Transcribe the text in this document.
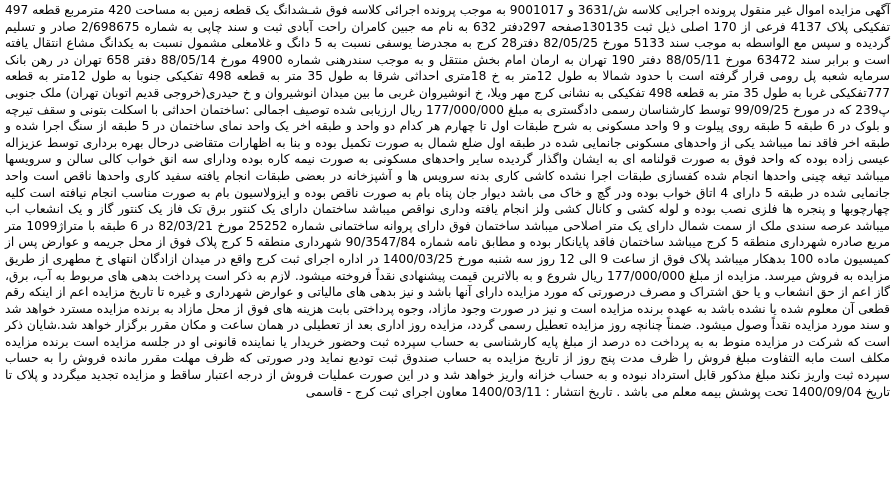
آگهی مزایده اموال غیر منقول پرونده اجرایی کلاسه ش/3631 و 9001017 به موجب پرونده اجرائی کلاسه فوق شـشدانگ یک قطعه زمین به مساحت 420 مترمربع قطعه 497 تفکیکی پلاک 4137 فرعی از 170 اصلی ذیل ثبت 130135صفحه 297دفتر 632 به نام مه جبین کامران راحت آبادی ثبت و سند چاپی به شماره 2/698675 صادر و تسلیم گردیده و سپس مع الواسطه به موجب سند 5133 مورخ 82/05/25 دفتر28 کرج به مجدرضا یوسفی نسبت به 5 دانگ و غلامعلی مشمول نسبت به یکدانگ مشاع انتقال یافته است و برابر سند 63472 مورخ 88/05/11 دفتر 190 تهران به ارمان امام بخش منتقل و به موجب سندرهنی شماره 4900 مورخ 88/05/14 دفتر 658 تهران در رهن بانک سرمایه شعبه پل رومی قرار گرفته است با حدود شمالا به طول 12متر به خ 18متری احداثی شرقا به طول 35 متر به قطعه 498 تفکیکی جنوبا به طول 12متر به قطعه 777تفکیکی غربا به طول 35 متر به قطعه 498 تفکیکی به نشانی کرج مهر ویلا، خ انوشیروان غربی ما بین میدان انوشیروان و خ حیدری(خروجی قدیم اتوبان تهران) ملک جنوبی پ239 که در مورخ 99/09/25 توسط کارشناسان رسمی دادگستری به مبلغ 177/000/000 ریال ارزیابی شده توصیف اجمالی :ساختمان احداثی با اسکلت بتونی و سقف تیرچه و بلوک در 6 طبقه 5 طبقه روی پیلوت و 9 واحد مسکونی به شرح طبقات اول تا چهارم هر کدام دو واحد و طبقه اخر یک واحد نمای ساختمان در 5 طبقه از سنگ اجرا شده و طبقه اخر فاقد نما میباشد یکی از واحدهای مسکونی جانمایی شده در طبقه اول ضلع شمال به صورت تکمیل بوده و بنا به اظهارات متقاضی درحال بهره برداری توسط عزیزاله عیسی زاده بوده که واحد فوق به صورت قولنامه ای به ایشان واگذار گردیده سایر واحدهای مسکونی به صورت نیمه کاره بوده ودارای سه انق خواب کالی سالن و سرویسها میباشد تیغه چینی واحدها انجام شده کفسازی طبقات اجرا نشده کاشی کاری بدنه سرویس ها و آشپزخانه در بعضی طبقات انجام یافته سفید کاری واحدها ناقص است واحد جانمایی شده در طبقه 5 دارای 4 اتاق خواب بوده ودر گچ و خاک می باشد دیوار جان پناه بام به صورت ناقص بوده و ایزولاسیون بام به صورت مناسب انجام نیافته است کلیه چهارچوبها و پنجره ها فلزی نصب بوده و لوله کشی و کانال کشی ولز انجام یافته وداری نواقص میباشد ساختمان دارای یک کنتور برق تک فاز یک کنتور گاز و یک انشعاب اب میباشد عرصه سندی ملک از سمت شمال دارای یک متر اصلاحی میباشد ساختمان فوق دارای پروانه ساختمانی شماره 25252 مورخ 82/03/21 در 6 طبقه با متراژ1099 متر مربع صادره شهرداری منطقه 5 کرج میباشد ساختمان فاقد پایانکار بوده و مطابق نامه شماره 90/3547/84 شهرداری منطقه 5 کرج پلاک فوق از محل جریمه و عوارض پس از کمیسیون ماده 100 بدهکار میباشد پلاک فوق از ساعت 9 الی 12 روز سه شنبه مورخ 1400/03/25 در اداره اجرای ثبت کرج واقع در میدان ازادگان انتهای خ مطهری از طریق مزایده به فروش میرسد. مزایده از مبلغ 177/000/000 ریال شروع و به بالاترین قیمت پیشنهادی نقداً فروخته میشود. لازم به ذکر است پرداخت بدهی های مربوط به آب، برق، گاز اعم از حق انشعاب و یا حق اشتراک و مصرف درصورتی که مورد مزایده دارای آنها باشد و نیز بدهی های مالیاتی و عوارض شهرداری و غیره تا تاریخ مزایده اعم از اینکه رقم قطعی آن معلوم شده یا نشده باشد به عهده برنده مزایده است و نیز در صورت وجود مازاد، وجوه پرداختی بابت هزینه های فوق از محل مازاد به برنده مزایده مسترد خواهد شد و سند مورد مزایده نقداً وصول میشود. ضمناً چنانچه روز مزایده تعطیل رسمی گردد، مزایده روز اداری بعد از تعطیلی در همان ساعت و مکان مقرر برگزار خواهد شد.شایان ذکر است که شرکت در مزایده منوط به به پرداخت ده درصد از مبلغ پایه کارشناسی به حساب سپرده ثبت وحضور خریدار یا نماینده قانونی او در جلسه مزایده است برنده مزایده مکلف است مابه التفاوت مبلغ فروش را ظرف مدت پنج روز از تاریخ مزایده به حساب صندوق ثبت تودیع نماید ودر صورتی که ظرف مهلت مقرر مانده فروش را به حساب سپرده ثبت واریز نکند مبلغ مذکور قابل استرداد نبوده و به حساب خزانه واریز خواهد شد و در این صورت عملیات فروش از درجه اعتبار ساقط و مزایده تجدید میگردد و پلاک تا تاریخ 1400/09/04 تحت پوشش بیمه معلم می باشد . تاریخ انتشار : 1400/03/11 معاون اجرای ثبت کرج - قاسمی
